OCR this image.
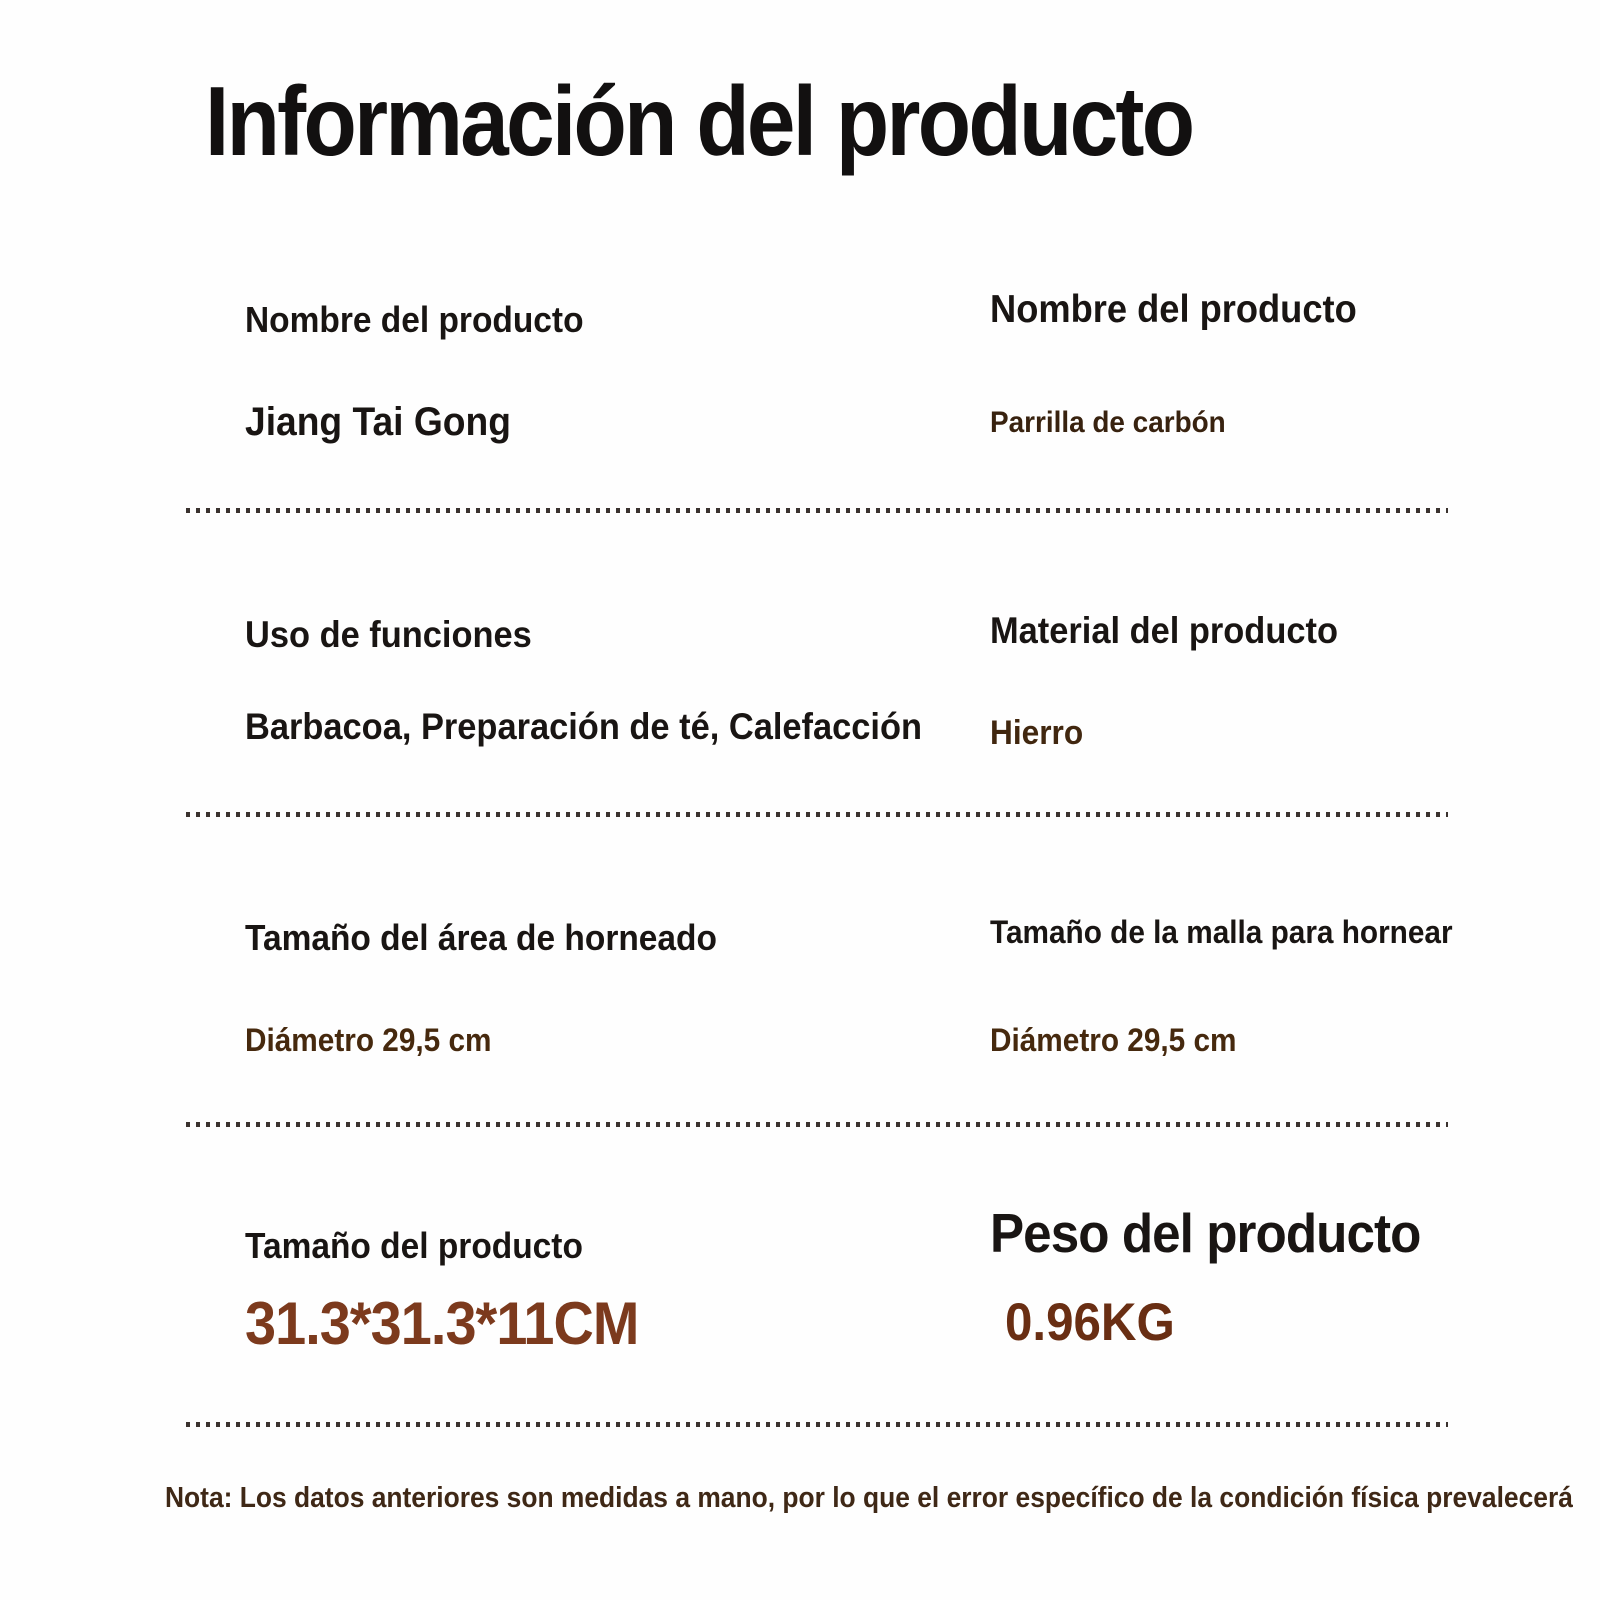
Información del producto
Nombre del producto
Jiang Tai Gong
Nombre del producto
Parrilla de carbón
Uso de funciones
Barbacoa, Preparación de té, Calefacción
Material del producto
Hierro
Tamaño del área de horneado
Diámetro 29,5 cm
Tamaño de la malla para hornear
Diámetro 29,5 cm
Tamaño del producto
31.3*31.3*11CM
Peso del producto
0.96KG
Nota: Los datos anteriores son medidas a mano, por lo que el error específico de la condición física prevalecerá
